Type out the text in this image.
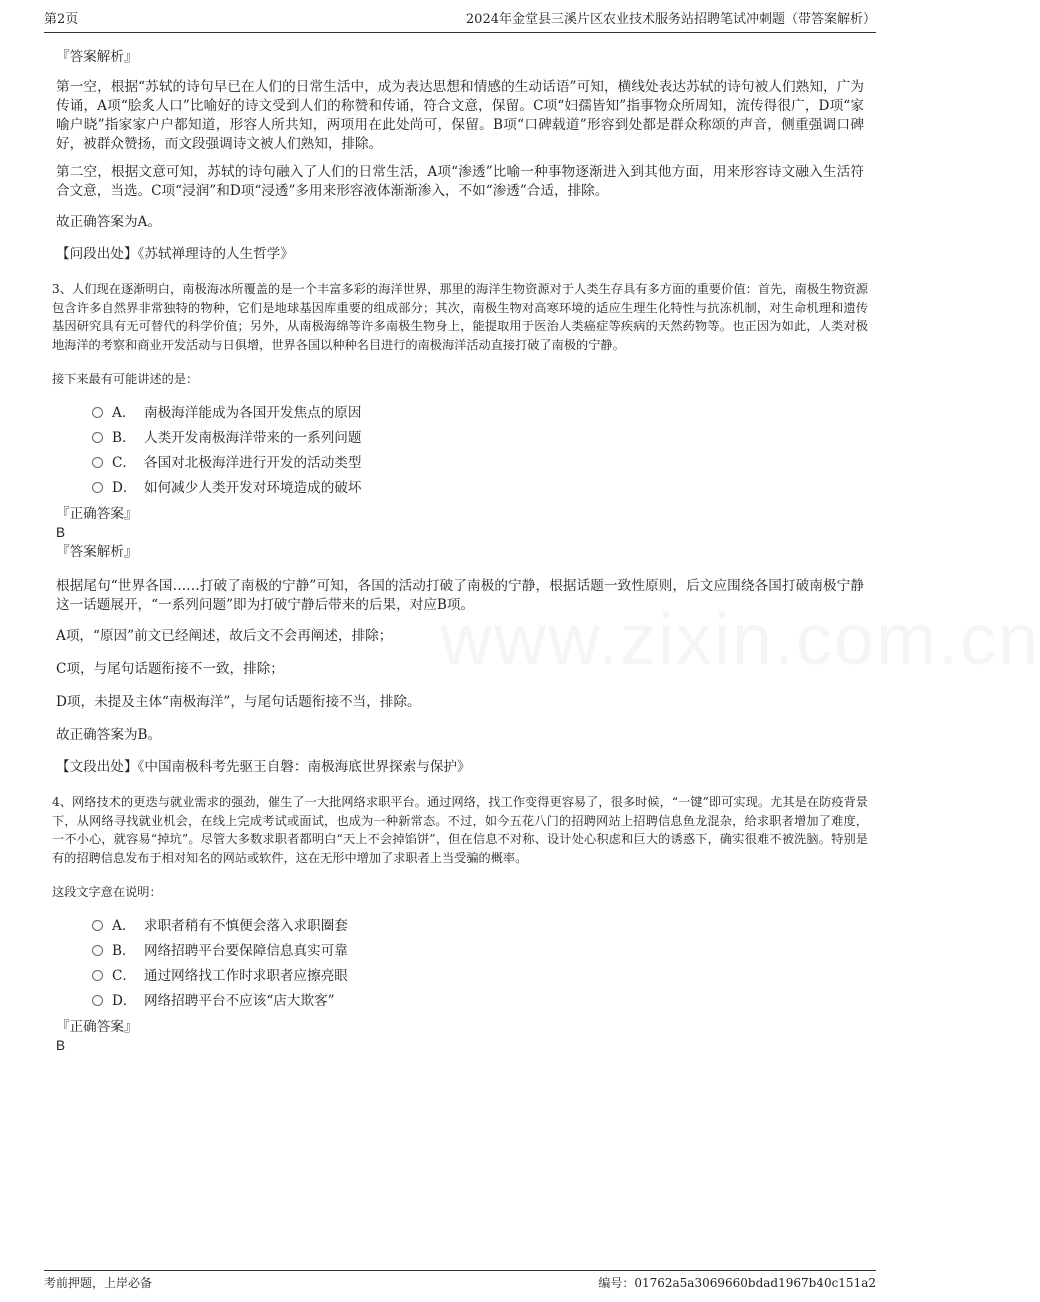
第2页	2024年金堂县三溪片区农业技术服务站招聘笔试冲刺题（带答案解析）
www.zixin.com.cn
『答案解析』

第一空，根据“苏轼的诗句早已在人们的日常生活中，成为表达思想和情感的生动话语”可知，横线处表达苏轼的诗句被人们熟知，广为传诵，A项“脍炙人口”比喻好的诗文受到人们的称赞和传诵，符合文意，保留。C项“妇孺皆知”指事物众所周知，流传得很广，D项“家喻户晓”指家家户户都知道，形容人所共知，两项用在此处尚可，保留。B项“口碑载道”形容到处都是群众称颂的声音，侧重强调口碑好，被群众赞扬，而文段强调诗文被人们熟知，排除。

第二空，根据文意可知，苏轼的诗句融入了人们的日常生活，A项“渗透”比喻一种事物逐渐进入到其他方面，用来形容诗文融入生活符合文意，当选。C项“浸润”和D项“浸透”多用来形容液体渐渐渗入，不如“渗透”合适，排除。

故正确答案为A。
【问段出处】《苏轼禅理诗的人生哲学》

3、人们现在逐渐明白，南极海冰所覆盖的是一个丰富多彩的海洋世界，那里的海洋生物资源对于人类生存具有多方面的重要价值：首先，南极生物资源包含许多自然界非常独特的物种，它们是地球基因库重要的组成部分；其次，南极生物对高寒环境的适应生理生化特性与抗冻机制，对生命机理和遗传基因研究具有无可替代的科学价值；另外，从南极海绵等许多南极生物身上，能提取用于医治人类癌症等疾病的天然药物等。也正因为如此，人类对极地海洋的考察和商业开发活动与日俱增，世界各国以种种名目进行的南极海洋活动直接打破了南极的宁静。

接下来最有可能讲述的是：
A． 南极海洋能成为各国开发焦点的原因
B． 人类开发南极海洋带来的一系列问题
C． 各国对北极海洋进行开发的活动类型
D． 如何减少人类开发对环境造成的破坏
『正确答案』
B
『答案解析』

根据尾句“世界各国……打破了南极的宁静”可知，各国的活动打破了南极的宁静，根据话题一致性原则，后文应围绕各国打破南极宁静这一话题展开，“一系列问题”即为打破宁静后带来的后果，对应B项。

A项，“原因”前文已经阐述，故后文不会再阐述，排除；
C项，与尾句话题衔接不一致，排除；
D项，未提及主体“南极海洋”，与尾句话题衔接不当，排除。
故正确答案为B。
【文段出处】《中国南极科考先驱王自磐：南极海底世界探索与保护》

4、网络技术的更迭与就业需求的强劲，催生了一大批网络求职平台。通过网络，找工作变得更容易了，很多时候，“一键”即可实现。尤其是在防疫背景下，从网络寻找就业机会，在线上完成考试或面试，也成为一种新常态。不过，如今五花八门的招聘网站上招聘信息鱼龙混杂，给求职者增加了难度，一不小心，就容易“掉坑”。尽管大多数求职者都明白“天上不会掉馅饼”，但在信息不对称、设计处心积虑和巨大的诱惑下，确实很难不被洗脑。特别是有的招聘信息发布于相对知名的网站或软件，这在无形中增加了求职者上当受骗的概率。

这段文字意在说明：
A． 求职者稍有不慎便会落入求职圈套
B． 网络招聘平台要保障信息真实可靠
C． 通过网络找工作时求职者应擦亮眼
D． 网络招聘平台不应该“店大欺客”
『正确答案』
B
考前押题，上岸必备	编号：01762a5a3069660bdad1967b40c151a2
